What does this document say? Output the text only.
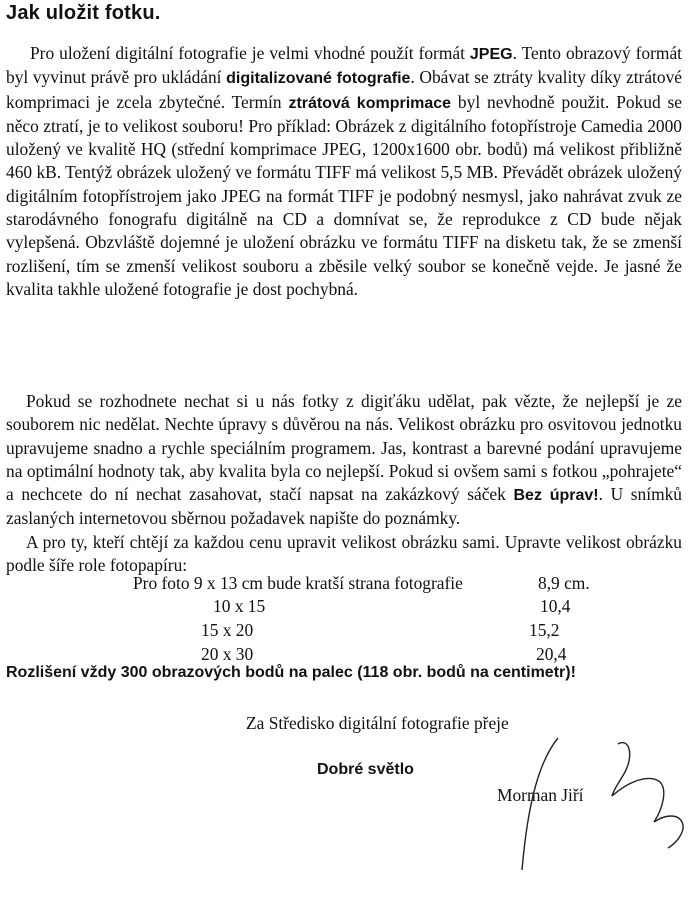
Jak uložit fotku.
Pro uložení digitální fotografie je velmi vhodné použít formát JPEG. Tento obrazový formát byl vyvinut právě pro ukládání digitalizované fotografie. Obávat se ztráty kvality díky ztrátové komprimaci je zcela zbytečné. Termín ztrátová komprimace byl nevhodně použit. Pokud se něco ztratí, je to velikost souboru! Pro příklad: Obrázek z digitálního fotopřístroje Camedia 2000 uložený ve kvalitě HQ (střední komprimace JPEG, 1200x1600 obr. bodů) má velikost přibližně 460 kB. Tentýž obrázek uložený ve formátu TIFF má velikost 5,5 MB. Převádět obrázek uložený digitálním fotopřístrojem jako JPEG na formát TIFF je podobný nesmysl, jako nahrávat zvuk ze starodávného fonografu digitálně na CD a domnívat se, že reprodukce z CD bude nějak vylepšená. Obzvláště dojemné je uložení obrázku ve formátu TIFF na disketu tak, že se zmenší rozlišení, tím se zmenší velikost souboru a zběsile velký soubor se konečně vejde. Je jasné že kvalita takhle uložené fotografie je dost pochybná.
Pokud se rozhodnete nechat si u nás fotky z digiťáku udělat, pak vězte, že nejlepší je ze souborem nic nedělat. Nechte úpravy s důvěrou na nás. Velikost obrázku pro osvitovou jednotku upravujeme snadno a rychle speciálním programem. Jas, kontrast a barevné podání upravujeme na optimální hodnoty tak, aby kvalita byla co nejlepší. Pokud si ovšem sami s fotkou „pohrajete“ a nechcete do ní nechat zasahovat, stačí napsat na zakázkový sáček Bez úprav!. U snímků zaslaných internetovou sběrnou požadavek napište do poznámky.
A pro ty, kteří chtějí za každou cenu upravit velikost obrázku sami. Upravte velikost obrázku podle šíře role fotopapíru:
Pro foto 9 x 13 cm bude kratší strana fotografie	8,9 cm.
10 x 15	10,4
15 x 20	15,2
20 x 30	20,4
Rozlišení vždy 300 obrazových bodů na palec (118 obr. bodů na centimetr)!
Za Středisko digitální fotografie přeje
Dobré světlo
Morman Jiří
